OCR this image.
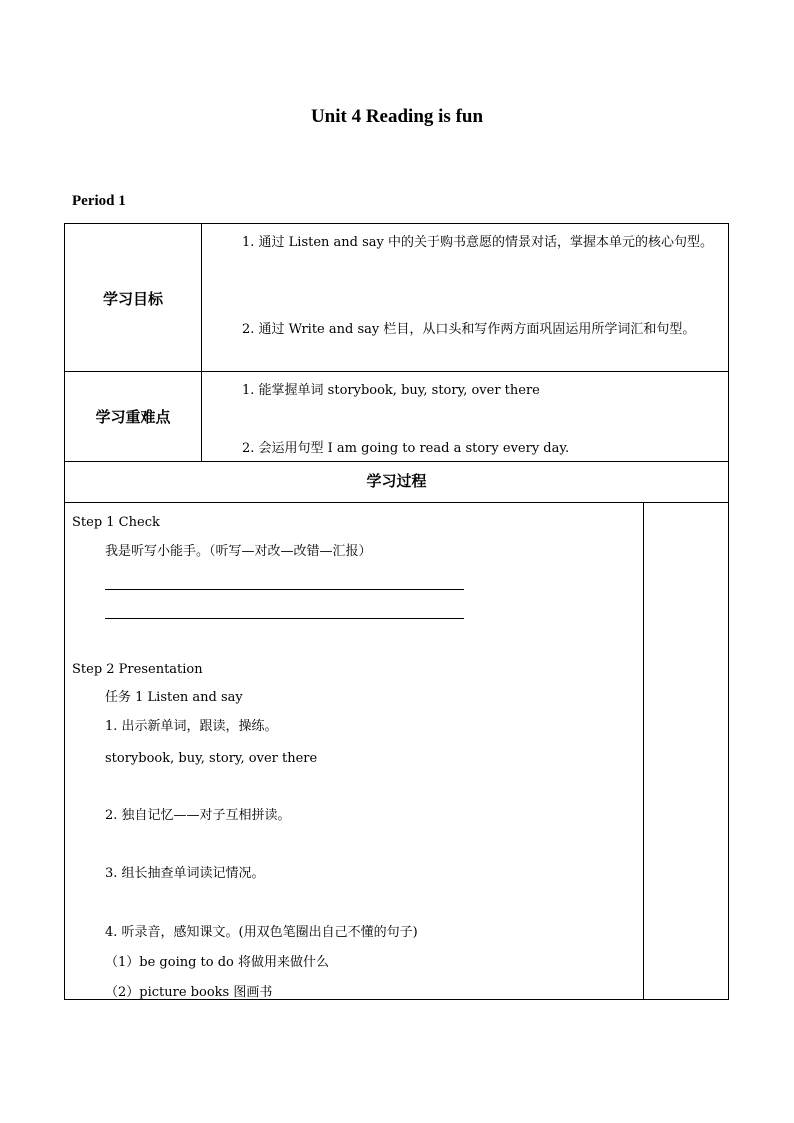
Unit 4 Reading is fun
Period 1
学习目标
1. 通过 Listen and say 中的关于购书意愿的情景对话，掌握本单元的核心句型。
2. 通过 Write and say 栏目，从口头和写作两方面巩固运用所学词汇和句型。
学习重难点
1. 能掌握单词 storybook, buy, story, over there
2. 会运用句型 I am going to read a story every day.
学习过程
Step 1 Check
我是听写小能手。（听写—对改—改错—汇报）
Step 2 Presentation
任务 1 Listen and say
1. 出示新单词，跟读，操练。
storybook, buy, story, over there
2. 独自记忆——对子互相拼读。
3. 组长抽查单词读记情况。
4. 听录音，感知课文。(用双色笔圈出自己不懂的句子)
（1）be going to do 将做用来做什么
（2）picture books 图画书
